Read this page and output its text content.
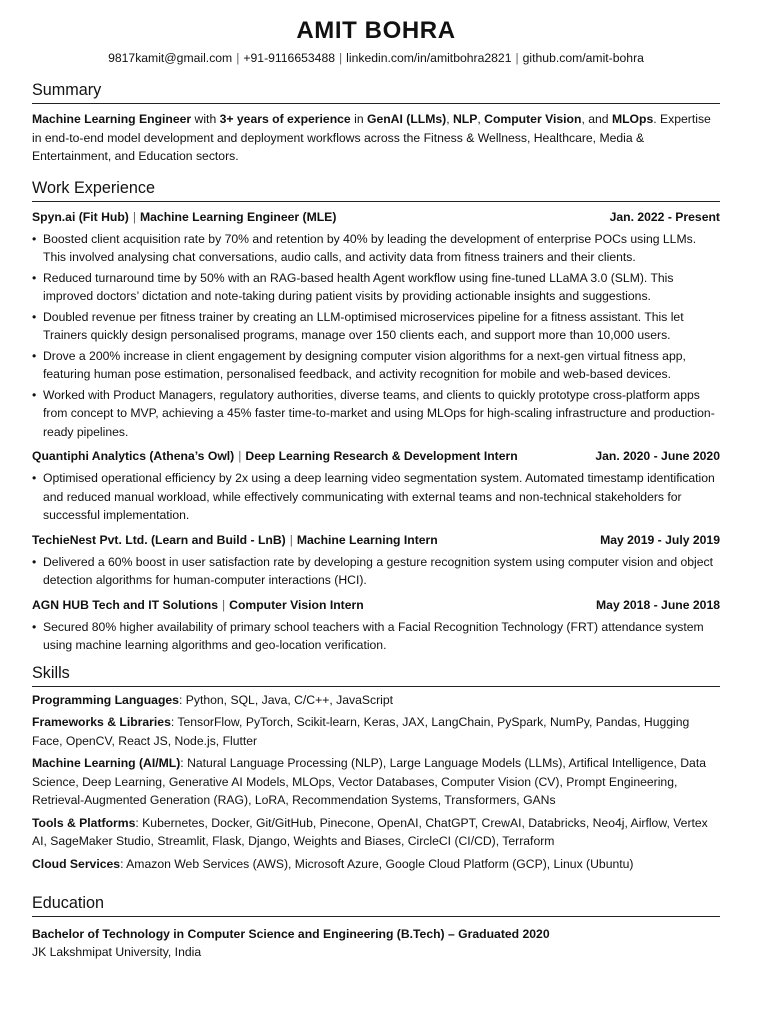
AMIT BOHRA
9817kamit@gmail.com | +91-9116653488 | linkedin.com/in/amitbohra2821 | github.com/amit-bohra
Summary
Machine Learning Engineer with 3+ years of experience in GenAI (LLMs), NLP, Computer Vision, and MLOps. Expertise in end-to-end model development and deployment workflows across the Fitness & Wellness, Healthcare, Media & Entertainment, and Education sectors.
Work Experience
Spyn.ai (Fit Hub) | Machine Learning Engineer (MLE)	Jan. 2022 - Present
• Boosted client acquisition rate by 70% and retention by 40% by leading the development of enterprise POCs using LLMs. This involved analysing chat conversations, audio calls, and activity data from fitness trainers and their clients.
• Reduced turnaround time by 50% with an RAG-based health Agent workflow using fine-tuned LLaMA 3.0 (SLM). This improved doctors’ dictation and note-taking during patient visits by providing actionable insights and suggestions.
• Doubled revenue per fitness trainer by creating an LLM-optimised microservices pipeline for a fitness assistant. This let Trainers quickly design personalised programs, manage over 150 clients each, and support more than 10,000 users.
• Drove a 200% increase in client engagement by designing computer vision algorithms for a next-gen virtual fitness app, featuring human pose estimation, personalised feedback, and activity recognition for mobile and web-based devices.
• Worked with Product Managers, regulatory authorities, diverse teams, and clients to quickly prototype cross-platform apps from concept to MVP, achieving a 45% faster time-to-market and using MLOps for high-scaling infrastructure and production-ready pipelines.
Quantiphi Analytics (Athena’s Owl) | Deep Learning Research & Development Intern	Jan. 2020 - June 2020
• Optimised operational efficiency by 2x using a deep learning video segmentation system. Automated timestamp identification and reduced manual workload, while effectively communicating with external teams and non-technical stakeholders for successful implementation.
TechieNest Pvt. Ltd. (Learn and Build - LnB) | Machine Learning Intern	May 2019 - July 2019
• Delivered a 60% boost in user satisfaction rate by developing a gesture recognition system using computer vision and object detection algorithms for human-computer interactions (HCI).
AGN HUB Tech and IT Solutions | Computer Vision Intern	May 2018 - June 2018
• Secured 80% higher availability of primary school teachers with a Facial Recognition Technology (FRT) attendance system using machine learning algorithms and geo-location verification.
Skills
Programming Languages: Python, SQL, Java, C/C++, JavaScript
Frameworks & Libraries: TensorFlow, PyTorch, Scikit-learn, Keras, JAX, LangChain, PySpark, NumPy, Pandas, Hugging Face, OpenCV, React JS, Node.js, Flutter
Machine Learning (AI/ML): Natural Language Processing (NLP), Large Language Models (LLMs), Artifical Intelligence, Data Science, Deep Learning, Generative AI Models, MLOps, Vector Databases, Computer Vision (CV), Prompt Engineering, Retrieval-Augmented Generation (RAG), LoRA, Recommendation Systems, Transformers, GANs
Tools & Platforms: Kubernetes, Docker, Git/GitHub, Pinecone, OpenAI, ChatGPT, CrewAI, Databricks, Neo4j, Airflow, Vertex AI, SageMaker Studio, Streamlit, Flask, Django, Weights and Biases, CircleCI (CI/CD), Terraform
Cloud Services: Amazon Web Services (AWS), Microsoft Azure, Google Cloud Platform (GCP), Linux (Ubuntu)
Education
Bachelor of Technology in Computer Science and Engineering (B.Tech) – Graduated 2020
JK Lakshmipat University, India
